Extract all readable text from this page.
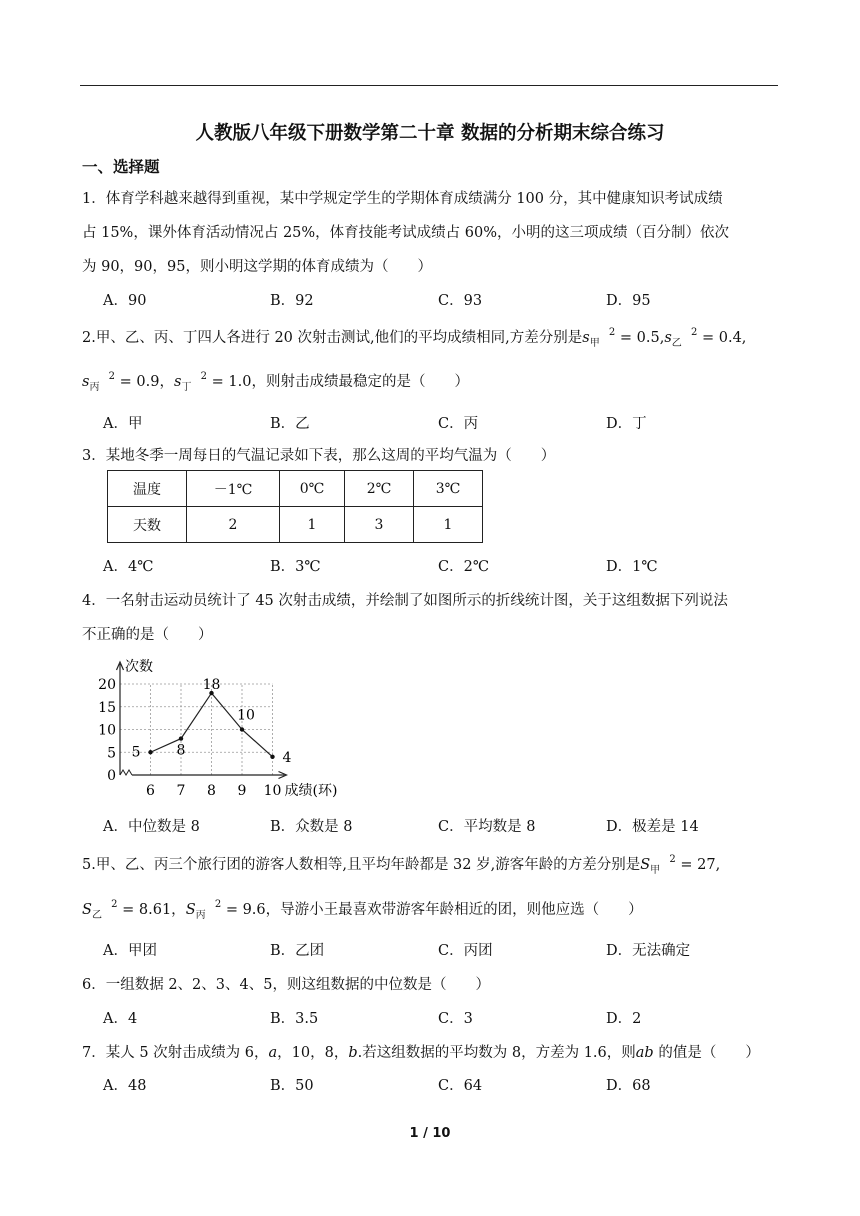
人教版八年级下册数学第二十章 数据的分析期末综合练习
一、选择题
1．体育学科越来越得到重视，某中学规定学生的学期体育成绩满分 100 分，其中健康知识考试成绩
占 15%，课外体育活动情况占 25%，体育技能考试成绩占 60%，小明的这三项成绩（百分制）依次
为 90，90，95，则小明这学期的体育成绩为（　　）
A．90	B．92	C．93	D．95
2.甲、乙、丙、丁四人各进行 20 次射击测试,他们的平均成绩相同,方差分别是$s_甲$  $^2 = 0.5,s_乙$  $^2$ = 0.4,
$s_丙$  $^2$ = 0.9，$s_丁$  $^2$ = 1.0，则射击成绩最稳定的是（　　）
A．甲	B．乙	C．丙	D．丁
3．某地冬季一周每日的气温记录如下表，那么这周的平均气温为（　　）
温度	－1℃	0℃	2℃	3℃
天数	2	1	3	1
A．4℃	B．3℃	C．2℃	D．1℃
4．一名射击运动员统计了 45 次射击成绩，并绘制了如图所示的折线统计图，关于这组数据下列说法
不正确的是（　　）
0
5
10
15
20
6 7 8 9 10
5	8
18
10
4
次数
成绩(环)
A．中位数是 8	B．众数是 8	C．平均数是 8	D．极差是 14
5.甲、乙、丙三个旅行团的游客人数相等,且平均年龄都是 32 岁,游客年龄的方差分别是$S_甲$  $^2$ = 27,
$S_乙$  $^2$ = 8.61，$S_丙$  $^2$ = 9.6，导游小王最喜欢带游客年龄相近的团，则他应选（　　）
A．甲团	B．乙团	C．丙团	D．无法确定
6．一组数据 2、2、3、4、5，则这组数据的中位数是（　　）
A．4	B．3.5	C．3	D．2
7．某人 5 次射击成绩为 6，a，10，8，b.若这组数据的平均数为 8，方差为 1.6，则ab 的值是（　　）
A．48	B．50	C．64	D．68
1 / 10
